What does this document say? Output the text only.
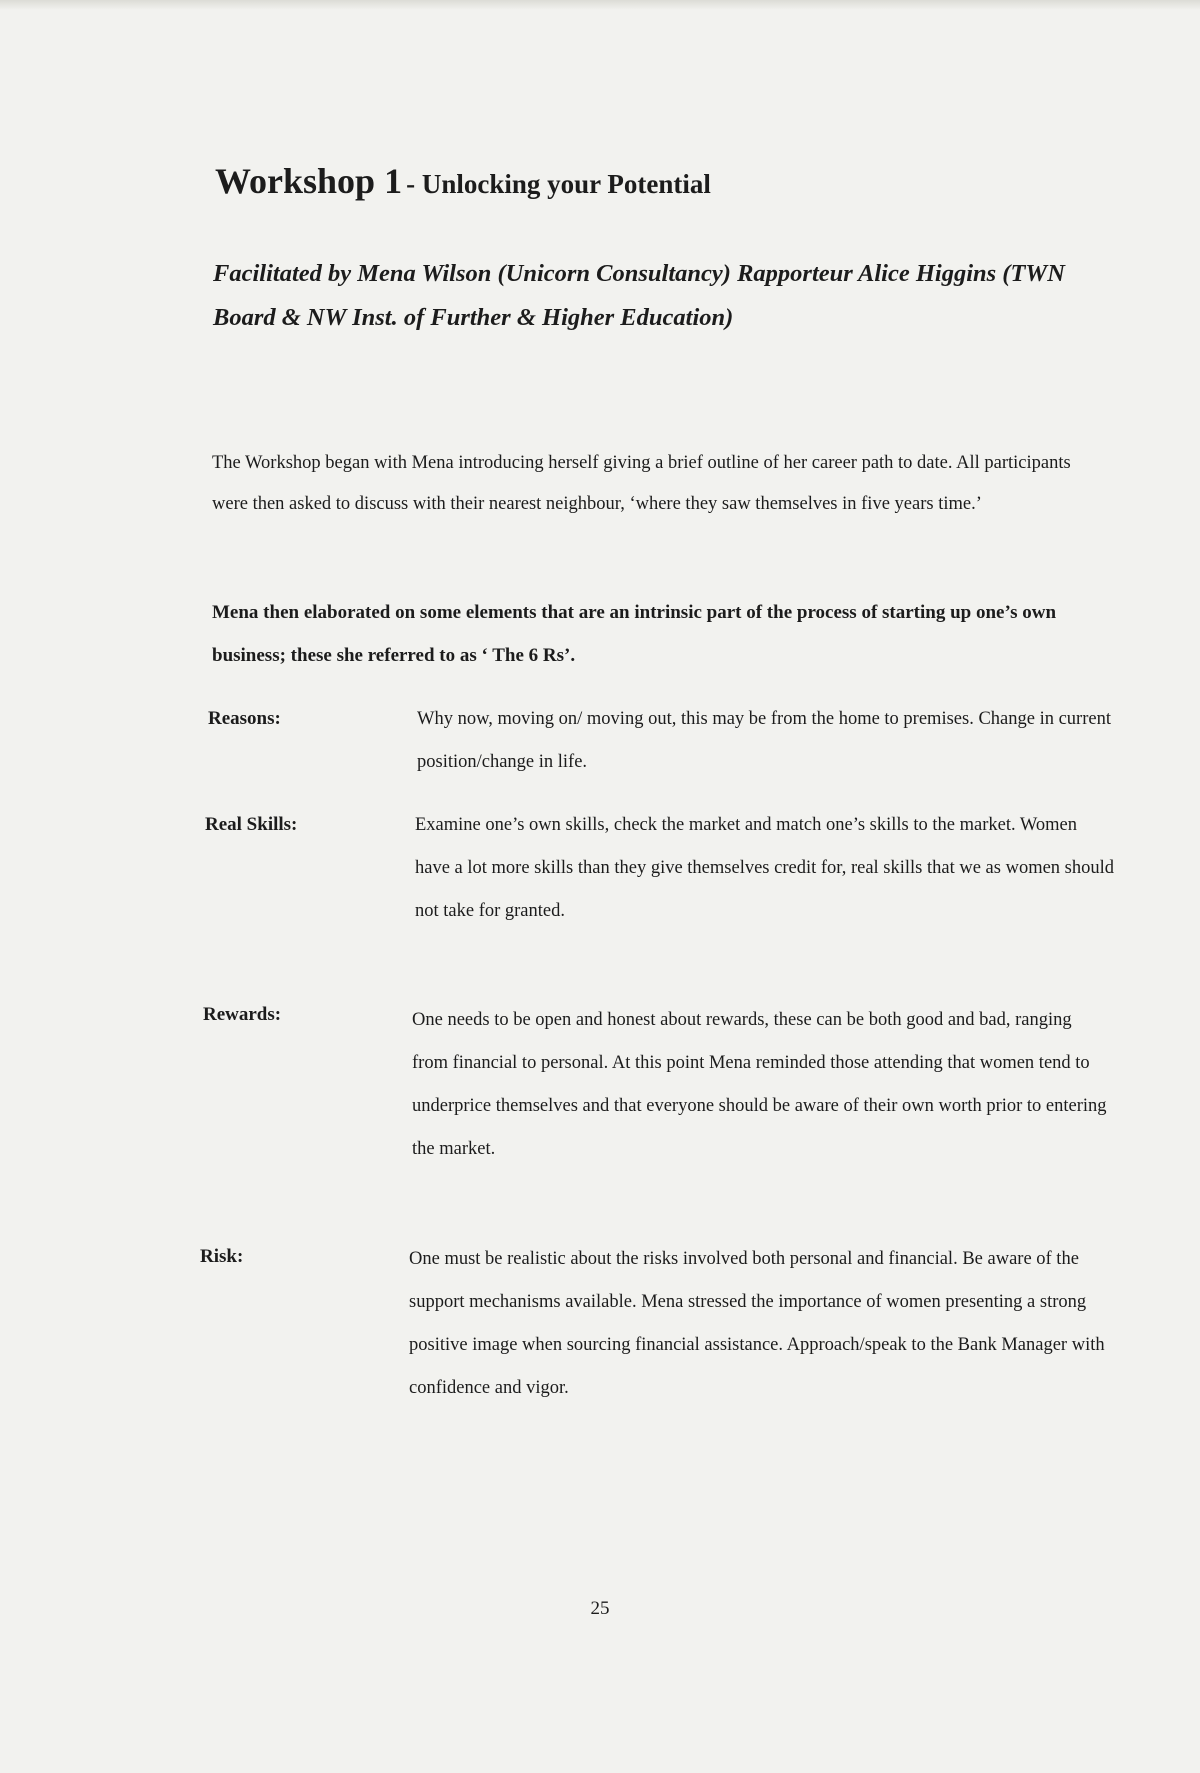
Workshop 1 - Unlocking your Potential
Facilitated by Mena Wilson (Unicorn Consultancy) Rapporteur Alice Higgins (TWN Board & NW Inst. of Further & Higher Education)
The Workshop began with Mena introducing herself giving a brief outline of her career path to date. All participants were then asked to discuss with their nearest neighbour, ‘where they saw themselves in five years time.’
Mena then elaborated on some elements that are an intrinsic part of the process of starting up one’s own business; these she referred to as ‘ The 6 Rs’.
Reasons:	Why now, moving on/ moving out, this may be from the home to premises. Change in current position/change in life.
Real Skills:	Examine one’s own skills, check the market and match one’s skills to the market. Women have a lot more skills than they give themselves credit for, real skills that we as women should not take for granted.
Rewards:	One needs to be open and honest about rewards, these can be both good and bad, ranging from financial to personal. At this point Mena reminded those attending that women tend to underprice themselves and that everyone should be aware of their own worth prior to entering the market.
Risk:	One must be realistic about the risks involved both personal and financial. Be aware of the support mechanisms available. Mena stressed the importance of women presenting a strong positive image when sourcing financial assistance. Approach/speak to the Bank Manager with confidence and vigor.
25
